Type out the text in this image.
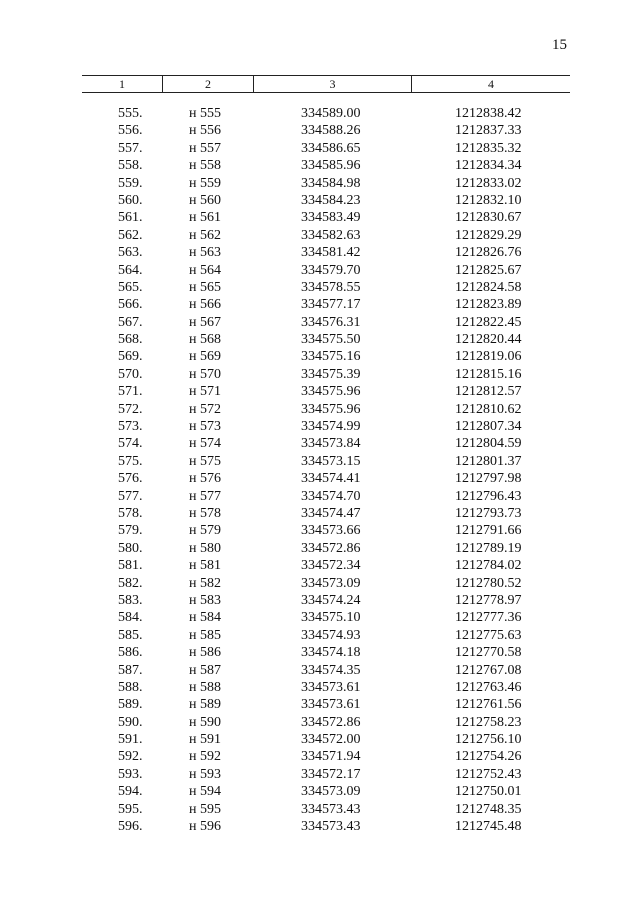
15
1	2	3	4
555.	н 555	334589.00	1212838.42
556.	н 556	334588.26	1212837.33
557.	н 557	334586.65	1212835.32
558.	н 558	334585.96	1212834.34
559.	н 559	334584.98	1212833.02
560.	н 560	334584.23	1212832.10
561.	н 561	334583.49	1212830.67
562.	н 562	334582.63	1212829.29
563.	н 563	334581.42	1212826.76
564.	н 564	334579.70	1212825.67
565.	н 565	334578.55	1212824.58
566.	н 566	334577.17	1212823.89
567.	н 567	334576.31	1212822.45
568.	н 568	334575.50	1212820.44
569.	н 569	334575.16	1212819.06
570.	н 570	334575.39	1212815.16
571.	н 571	334575.96	1212812.57
572.	н 572	334575.96	1212810.62
573.	н 573	334574.99	1212807.34
574.	н 574	334573.84	1212804.59
575.	н 575	334573.15	1212801.37
576.	н 576	334574.41	1212797.98
577.	н 577	334574.70	1212796.43
578.	н 578	334574.47	1212793.73
579.	н 579	334573.66	1212791.66
580.	н 580	334572.86	1212789.19
581.	н 581	334572.34	1212784.02
582.	н 582	334573.09	1212780.52
583.	н 583	334574.24	1212778.97
584.	н 584	334575.10	1212777.36
585.	н 585	334574.93	1212775.63
586.	н 586	334574.18	1212770.58
587.	н 587	334574.35	1212767.08
588.	н 588	334573.61	1212763.46
589.	н 589	334573.61	1212761.56
590.	н 590	334572.86	1212758.23
591.	н 591	334572.00	1212756.10
592.	н 592	334571.94	1212754.26
593.	н 593	334572.17	1212752.43
594.	н 594	334573.09	1212750.01
595.	н 595	334573.43	1212748.35
596.	н 596	334573.43	1212745.48
